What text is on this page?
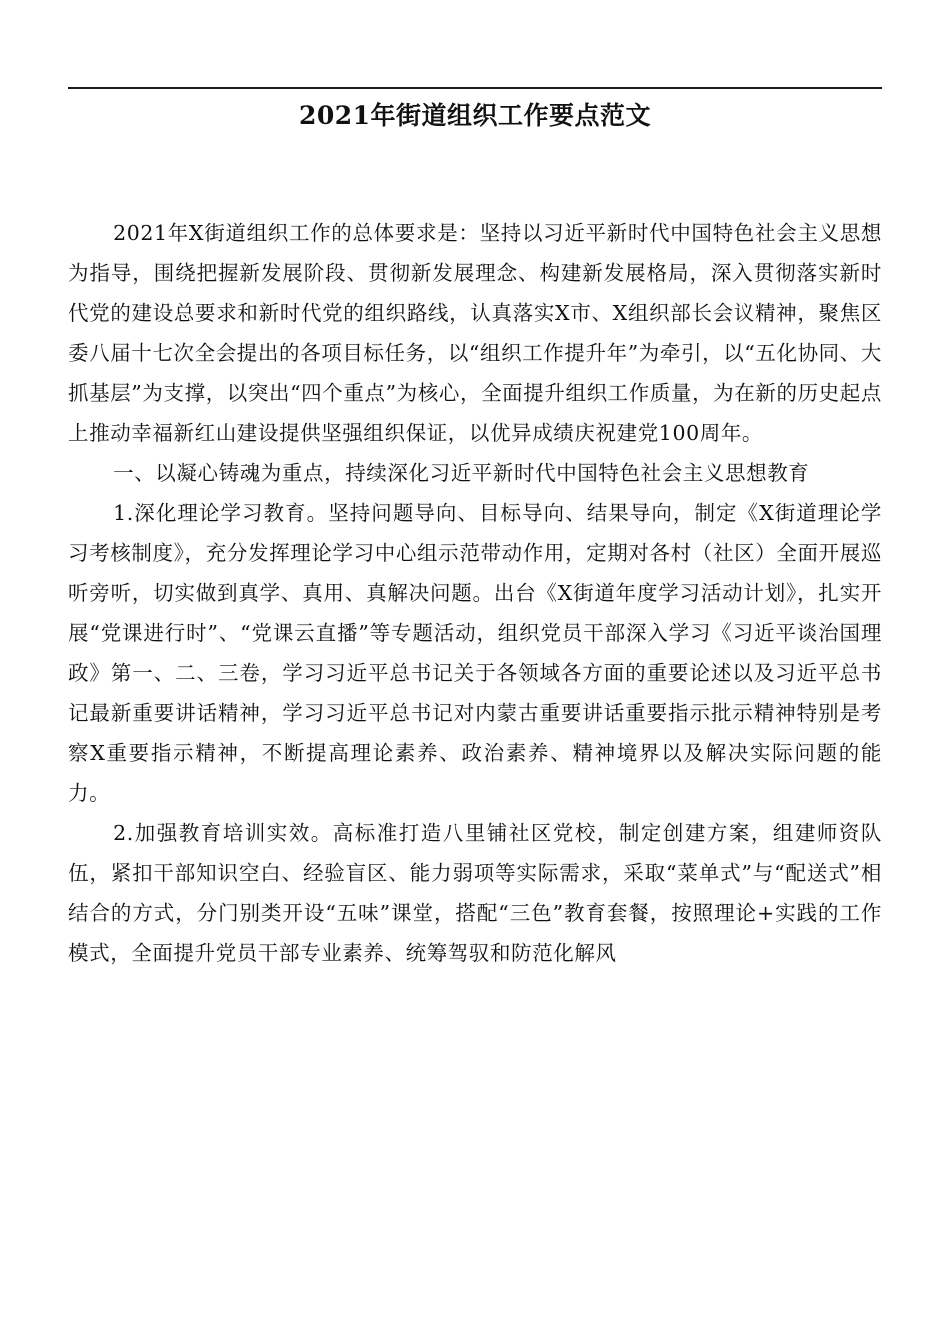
2021年街道组织工作要点范文

2021年X街道组织工作的总体要求是：坚持以习近平新时代中国特色社会主义思想为指导，围绕把握新发展阶段、贯彻新发展理念、构建新发展格局，深入贯彻落实新时代党的建设总要求和新时代党的组织路线，认真落实X市、X组织部长会议精神，聚焦区委八届十七次全会提出的各项目标任务，以“组织工作提升年”为牵引，以“五化协同、大抓基层”为支撑，以突出“四个重点”为核心，全面提升组织工作质量，为在新的历史起点上推动幸福新红山建设提供坚强组织保证，以优异成绩庆祝建党100周年。

一、以凝心铸魂为重点，持续深化习近平新时代中国特色社会主义思想教育

1.深化理论学习教育。坚持问题导向、目标导向、结果导向，制定《X街道理论学习考核制度》，充分发挥理论学习中心组示范带动作用，定期对各村（社区）全面开展巡听旁听，切实做到真学、真用、真解决问题。出台《X街道年度学习活动计划》，扎实开展“党课进行时”、“党课云直播”等专题活动，组织党员干部深入学习《习近平谈治国理政》第一、二、三卷，学习习近平总书记关于各领域各方面的重要论述以及习近平总书记最新重要讲话精神，学习习近平总书记对内蒙古重要讲话重要指示批示精神特别是考察X重要指示精神，不断提高理论素养、政治素养、精神境界以及解决实际问题的能力。

2.加强教育培训实效。高标准打造八里铺社区党校，制定创建方案，组建师资队伍，紧扣干部知识空白、经验盲区、能力弱项等实际需求，采取“菜单式”与“配送式”相结合的方式，分门别类开设“五味”课堂，搭配“三色”教育套餐，按照理论+实践的工作模式，全面提升党员干部专业素养、统筹驾驭和防范化解风
